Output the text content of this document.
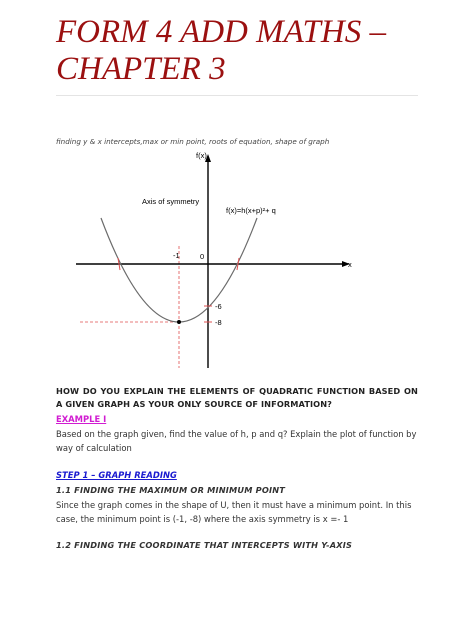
FORM 4 ADD MATHS –
CHAPTER 3
finding y & x intercepts,max or min point, roots of equation, shape of graph
f(x)
x
f(x)=h(x+p)²+ q
Axis of symmetry
-1	0
-6
-8
HOW DO YOU EXPLAIN THE ELEMENTS OF QUADRATIC FUNCTION BASED ON A GIVEN GRAPH AS YOUR ONLY SOURCE OF INFORMATION?
EXAMPLE I
Based on the graph given, find the value of h, p and q? Explain the plot of function by way of calculation
STEP 1 – GRAPH READING
1.1 FINDING THE MAXIMUM OR MINIMUM POINT
Since the graph comes in the shape of U, then it must have a minimum point. In this case, the minimum point is (-1, -8) where the axis symmetry is x =- 1
1.2 FINDING THE COORDINATE THAT INTERCEPTS WITH Y-AXIS
